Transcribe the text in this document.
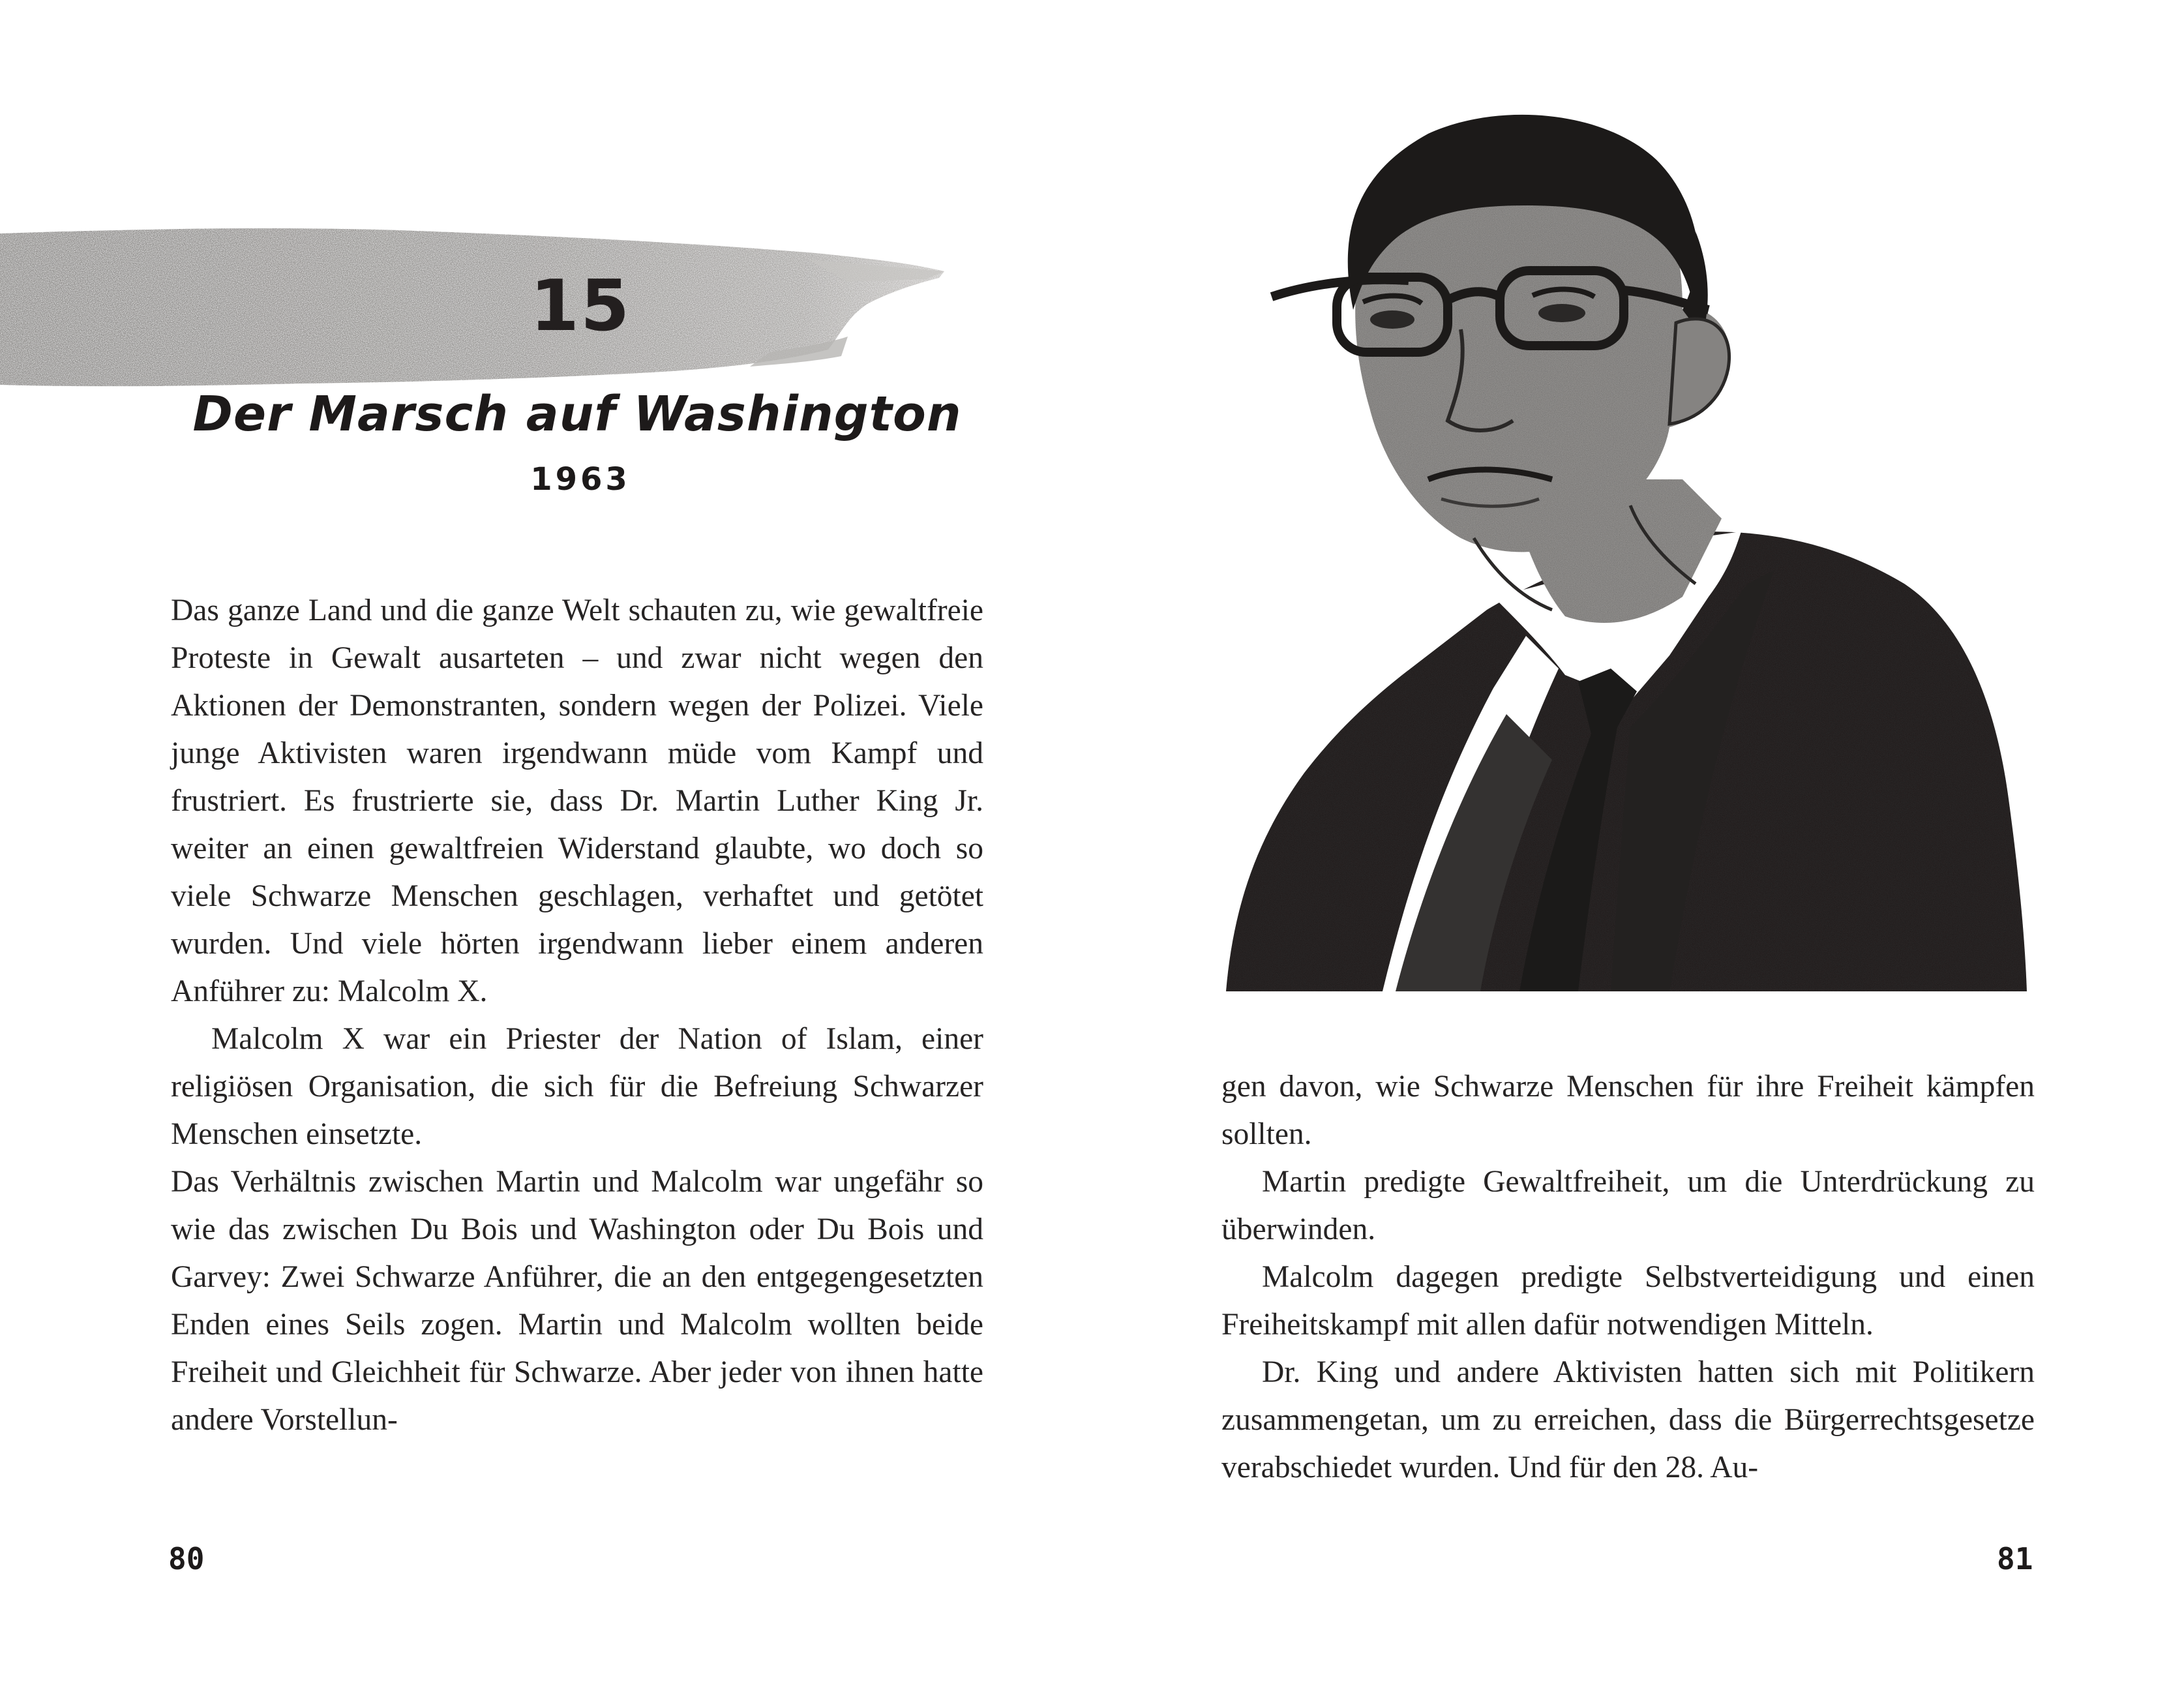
15
Der Marsch auf Washington
1963

Das ganze Land und die ganze Welt schauten zu, wie gewaltfreie Proteste in Gewalt ausarteten – und zwar nicht wegen den Aktionen der Demonstranten, sondern wegen der Polizei. Viele junge Aktivisten waren irgendwann müde vom Kampf und frustriert. Es frustrierte sie, dass Dr. Martin Luther King Jr. weiter an einen gewaltfreien Widerstand glaubte, wo doch so viele Schwarze Menschen geschlagen, verhaftet und getötet wurden. Und viele hörten irgendwann lieber einem anderen Anführer zu: Malcolm X.

Malcolm X war ein Priester der Nation of Islam, einer religiösen Organisation, die sich für die Befreiung Schwarzer Menschen einsetzte.

Das Verhältnis zwischen Martin und Malcolm war ungefähr so wie das zwischen Du Bois und Washington oder Du Bois und Garvey: Zwei Schwarze Anführer, die an den entgegengesetzten Enden eines Seils zogen. Martin und Malcolm wollten beide Freiheit und Gleichheit für Schwarze. Aber jeder von ihnen hatte andere Vorstellun-

80

gen davon, wie Schwarze Menschen für ihre Freiheit kämpfen sollten.

Martin predigte Gewaltfreiheit, um die Unterdrückung zu überwinden.

Malcolm dagegen predigte Selbstverteidigung und einen Freiheitskampf mit allen dafür notwendigen Mitteln.

Dr. King und andere Aktivisten hatten sich mit Politikern zusammengetan, um zu erreichen, dass die Bürgerrechtsgesetze verabschiedet wurden. Und für den 28. Au-

81
